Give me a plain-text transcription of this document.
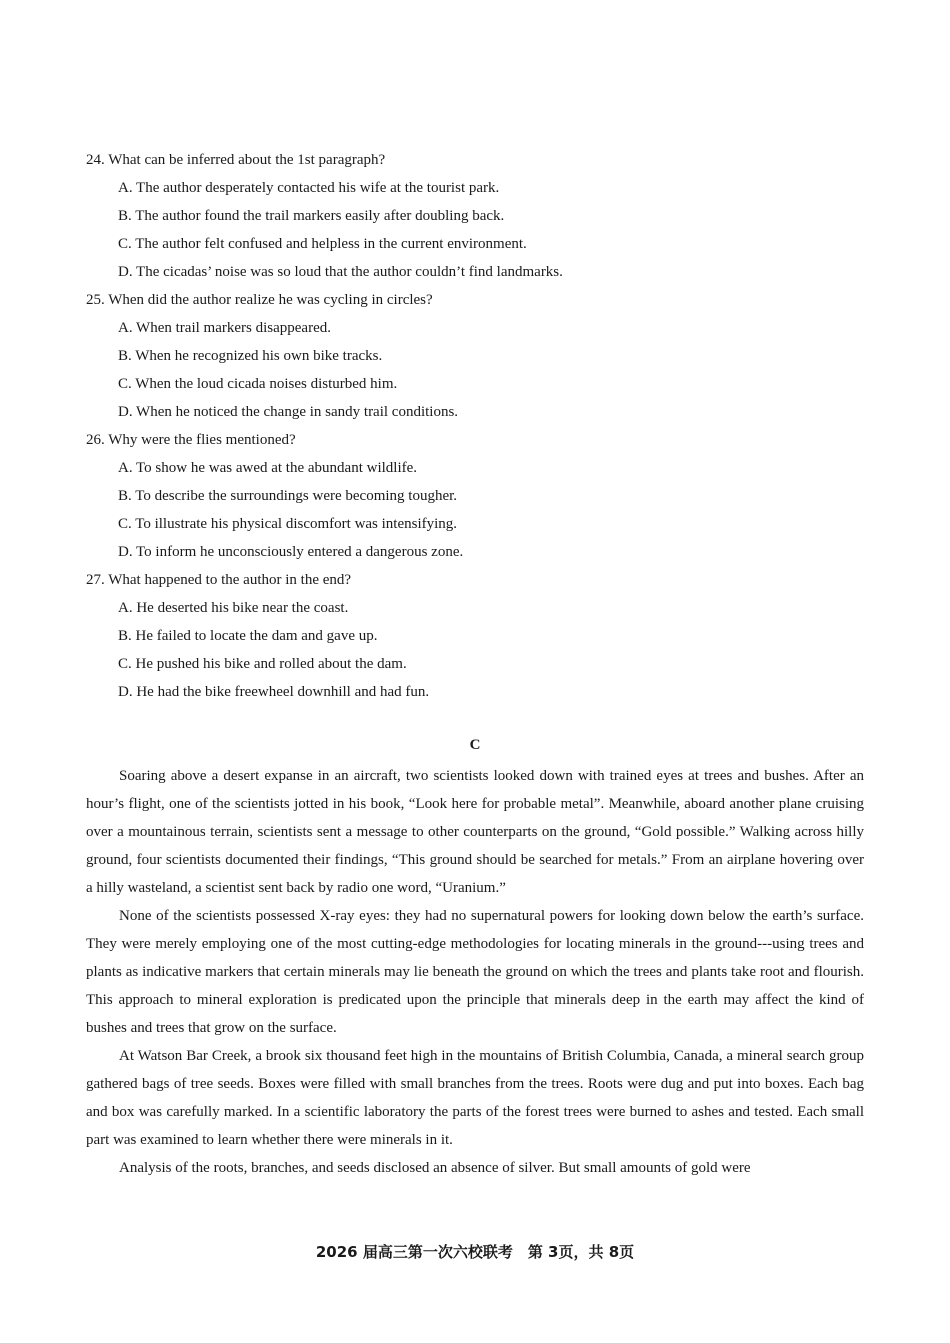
24. What can be inferred about the 1st paragraph?
A. The author desperately contacted his wife at the tourist park.
B. The author found the trail markers easily after doubling back.
C. The author felt confused and helpless in the current environment.
D. The cicadas’ noise was so loud that the author couldn’t find landmarks.
25. When did the author realize he was cycling in circles?
A. When trail markers disappeared.
B. When he recognized his own bike tracks.
C. When the loud cicada noises disturbed him.
D. When he noticed the change in sandy trail conditions.
26. Why were the flies mentioned?
A. To show he was awed at the abundant wildlife.
B. To describe the surroundings were becoming tougher.
C. To illustrate his physical discomfort was intensifying.
D. To inform he unconsciously entered a dangerous zone.
27. What happened to the author in the end?
A. He deserted his bike near the coast.
B. He failed to locate the dam and gave up.
C. He pushed his bike and rolled about the dam.
D. He had the bike freewheel downhill and had fun.
C

Soaring above a desert expanse in an aircraft, two scientists looked down with trained eyes at trees and bushes. After an hour’s flight, one of the scientists jotted in his book, “Look here for probable metal”. Meanwhile, aboard another plane cruising over a mountainous terrain, scientists sent a message to other counterparts on the ground, “Gold possible.” Walking across hilly ground, four scientists documented their findings, “This ground should be searched for metals.” From an airplane hovering over a hilly wasteland, a scientist sent back by radio one word, “Uranium.”

None of the scientists possessed X-ray eyes: they had no supernatural powers for looking down below the earth’s surface. They were merely employing one of the most cutting-edge methodologies for locating minerals in the ground---using trees and plants as indicative markers that certain minerals may lie beneath the ground on which the trees and plants take root and flourish. This approach to mineral exploration is predicated upon the principle that minerals deep in the earth may affect the kind of bushes and trees that grow on the surface.

At Watson Bar Creek, a brook six thousand feet high in the mountains of British Columbia, Canada, a mineral search group gathered bags of tree seeds. Boxes were filled with small branches from the trees. Roots were dug and put into boxes. Each bag and box was carefully marked. In a scientific laboratory the parts of the forest trees were burned to ashes and tested. Each small part was examined to learn whether there were minerals in it.

Analysis of the roots, branches, and seeds disclosed an absence of silver. But small amounts of gold were

2026 届高三第一次六校联考　第 3页，共 8页
